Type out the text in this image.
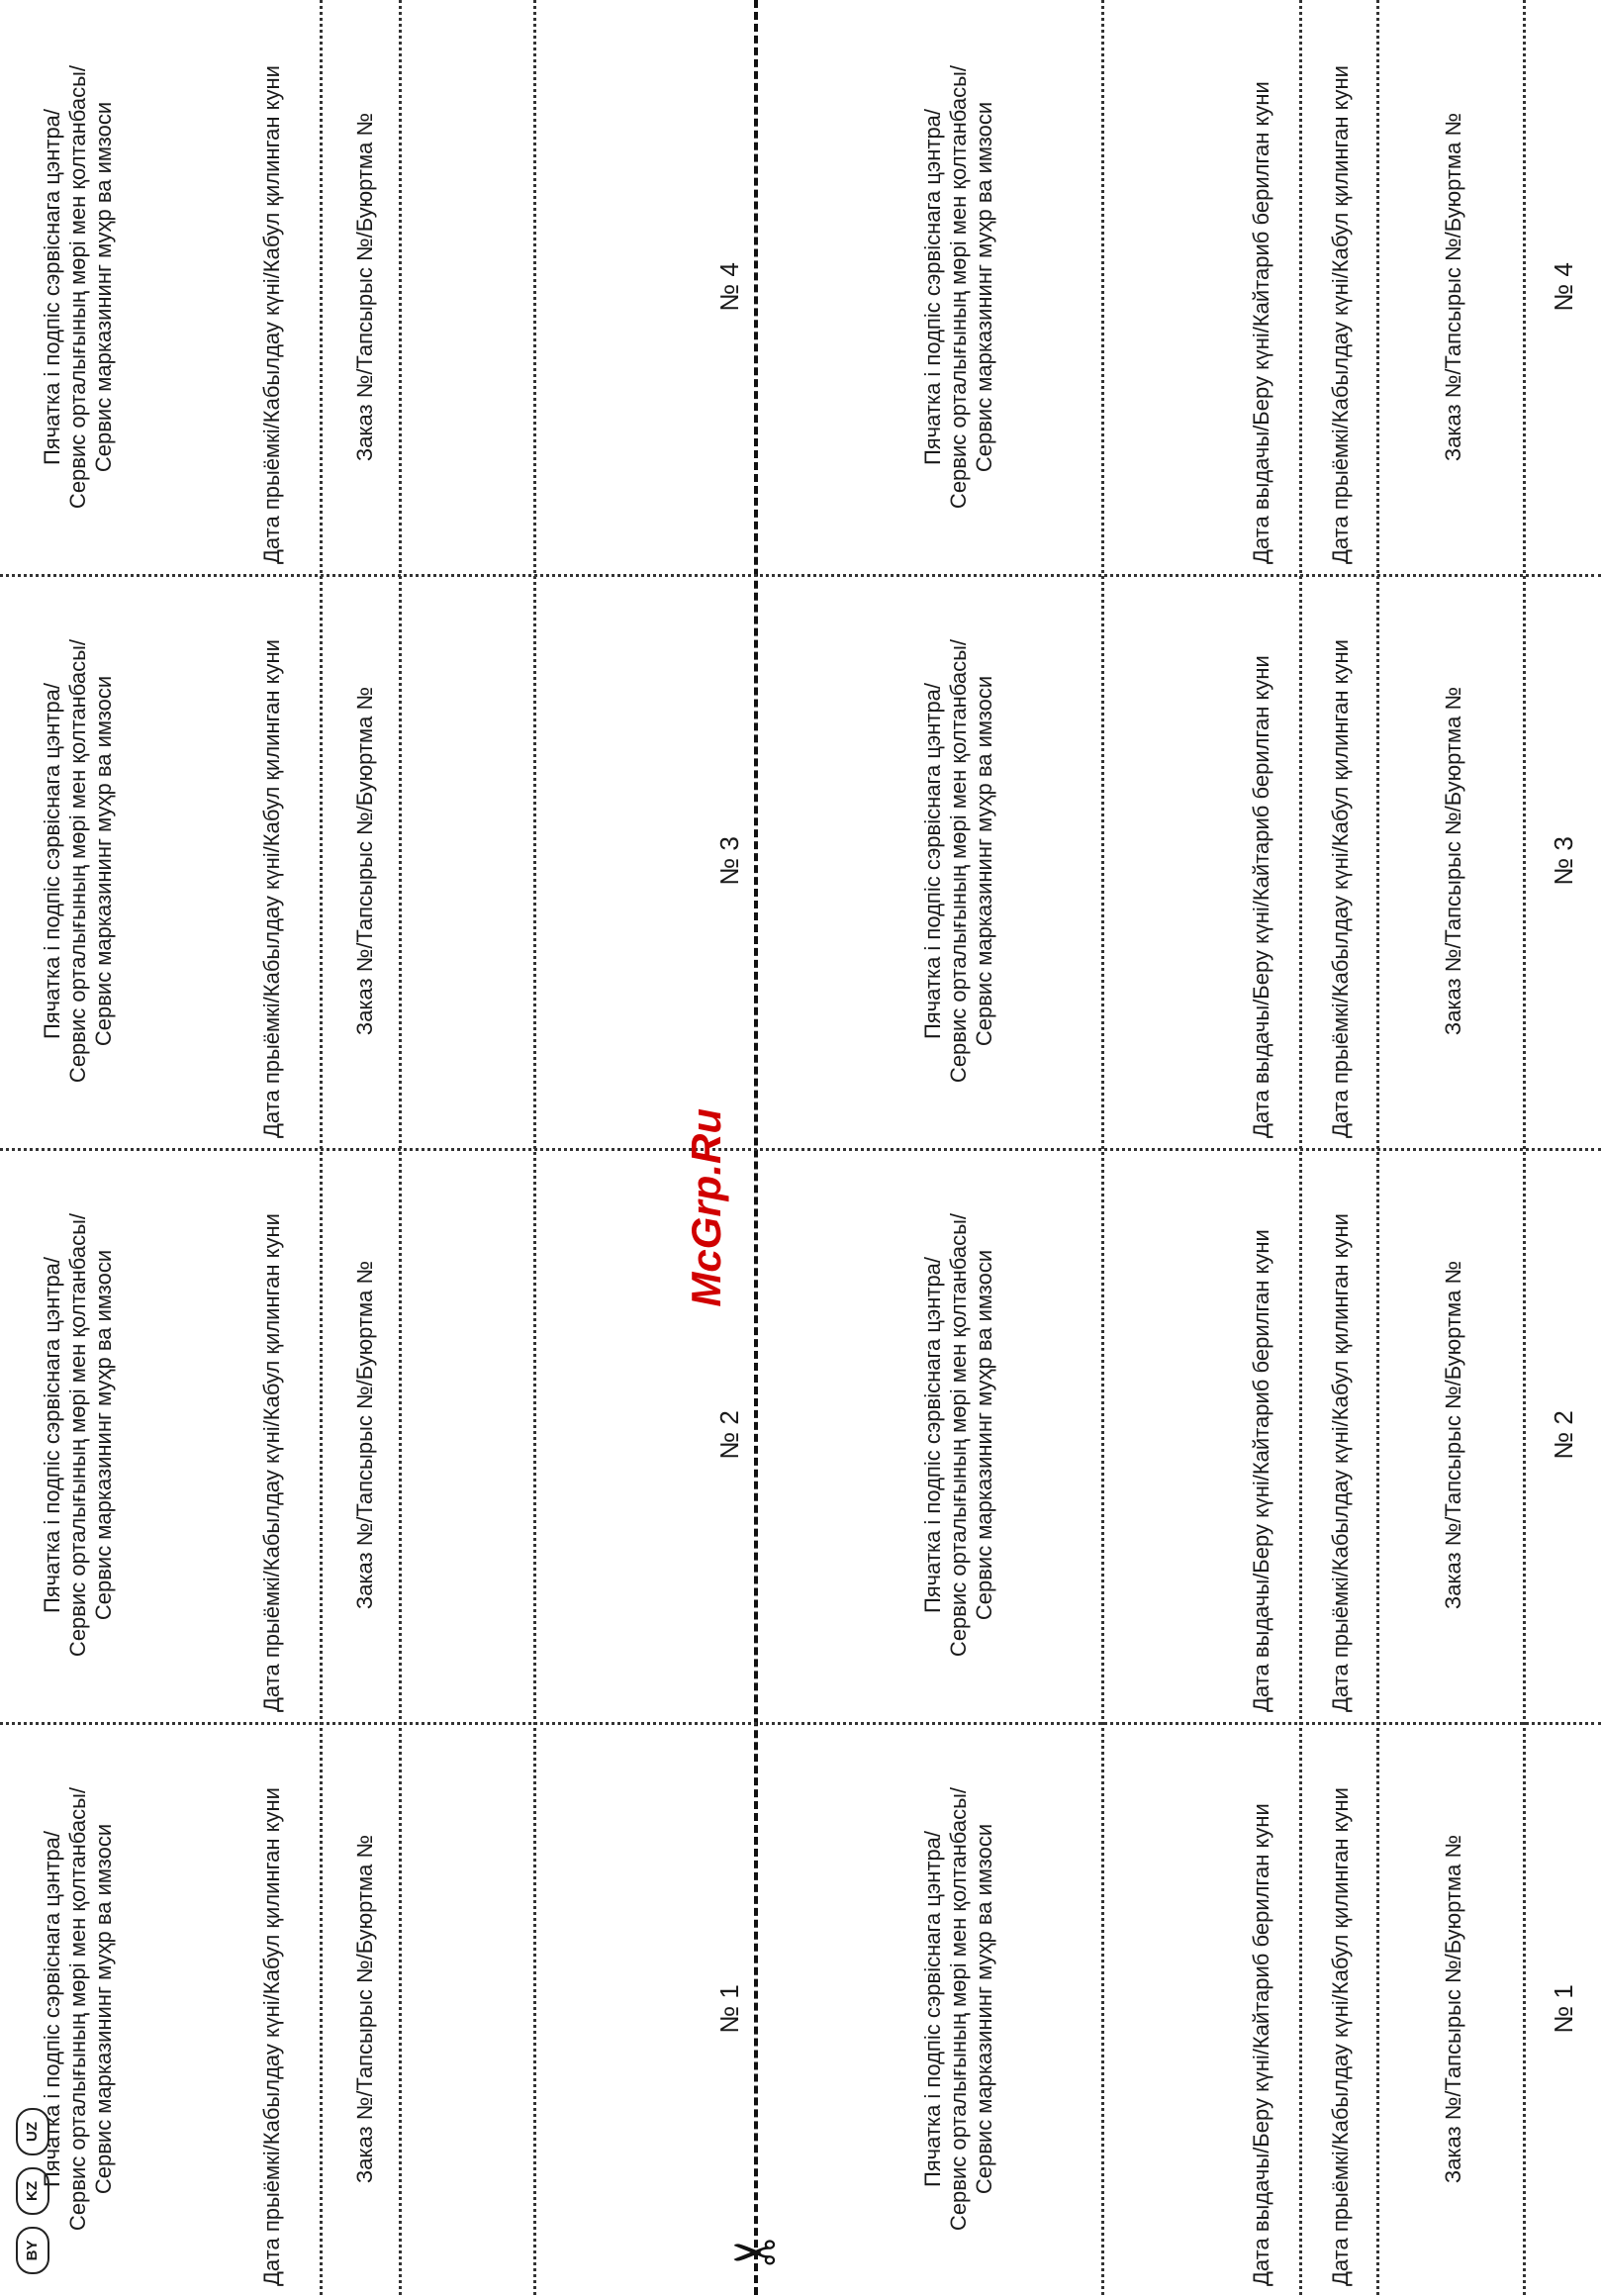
№ 1
Заказ №/Тапсырыс №/Буюртма №
Дата прыёмкі/Кабылдау күні/Кабул қилинган куни
Дата выдачы/Беру күні/Кайтариб берилган куни
Пячатка і подпіс сэрвіснага цэнтра/ Сервис орталығының мөрі мен қолтанбасы/ Сервис марказининг муҳр ва имзоси
№ 2
Заказ №/Тапсырыс №/Буюртма №
Дата прыёмкі/Кабылдау күні/Кабул қилинган куни
Дата выдачы/Беру күні/Кайтариб берилган куни
Пячатка і подпіс сэрвіснага цэнтра/ Сервис орталығының мөрі мен қолтанбасы/ Сервис марказининг муҳр ва имзоси
№ 3
Заказ №/Тапсырыс №/Буюртма №
Дата прыёмкі/Кабылдау күні/Кабул қилинган куни
Дата выдачы/Беру күні/Кайтариб берилган куни
Пячатка і подпіс сэрвіснага цэнтра/ Сервис орталығының мөрі мен қолтанбасы/ Сервис марказининг муҳр ва имзоси
№ 4
Заказ №/Тапсырыс №/Буюртма №
Дата прыёмкі/Кабылдау күні/Кабул қилинган куни
Дата выдачы/Беру күні/Кайтариб берилган куни
Пячатка і подпіс сэрвіснага цэнтра/ Сервис орталығының мөрі мен қолтанбасы/ Сервис марказининг муҳр ва имзоси
№ 1
Заказ №/Тапсырыс №/Буюртма №
Дата прыёмкі/Кабылдау күні/Кабул қилинган куни
Пячатка і подпіс сэрвіснага цэнтра/ Сервис орталығының мөрі мен қолтанбасы/ Сервис марказининг муҳр ва имзоси
№ 2
Заказ №/Тапсырыс №/Буюртма №
Дата прыёмкі/Кабылдау күні/Кабул қилинган куни
Пячатка і подпіс сэрвіснага цэнтра/ Сервис орталығының мөрі мен қолтанбасы/ Сервис марказининг муҳр ва имзоси
№ 3
Заказ №/Тапсырыс №/Буюртма №
Дата прыёмкі/Кабылдау күні/Кабул қилинган куни
Пячатка і подпіс сэрвіснага цэнтра/ Сервис орталығының мөрі мен қолтанбасы/ Сервис марказининг муҳр ва имзоси
№ 4
Заказ №/Тапсырыс №/Буюртма №
Дата прыёмкі/Кабылдау күні/Кабул қилинган куни
Пячатка і подпіс сэрвіснага цэнтра/ Сервис орталығының мөрі мен қолтанбасы/ Сервис марказининг муҳр ва имзоси
✂
McGrp.Ru
BY
KZ
UZ
